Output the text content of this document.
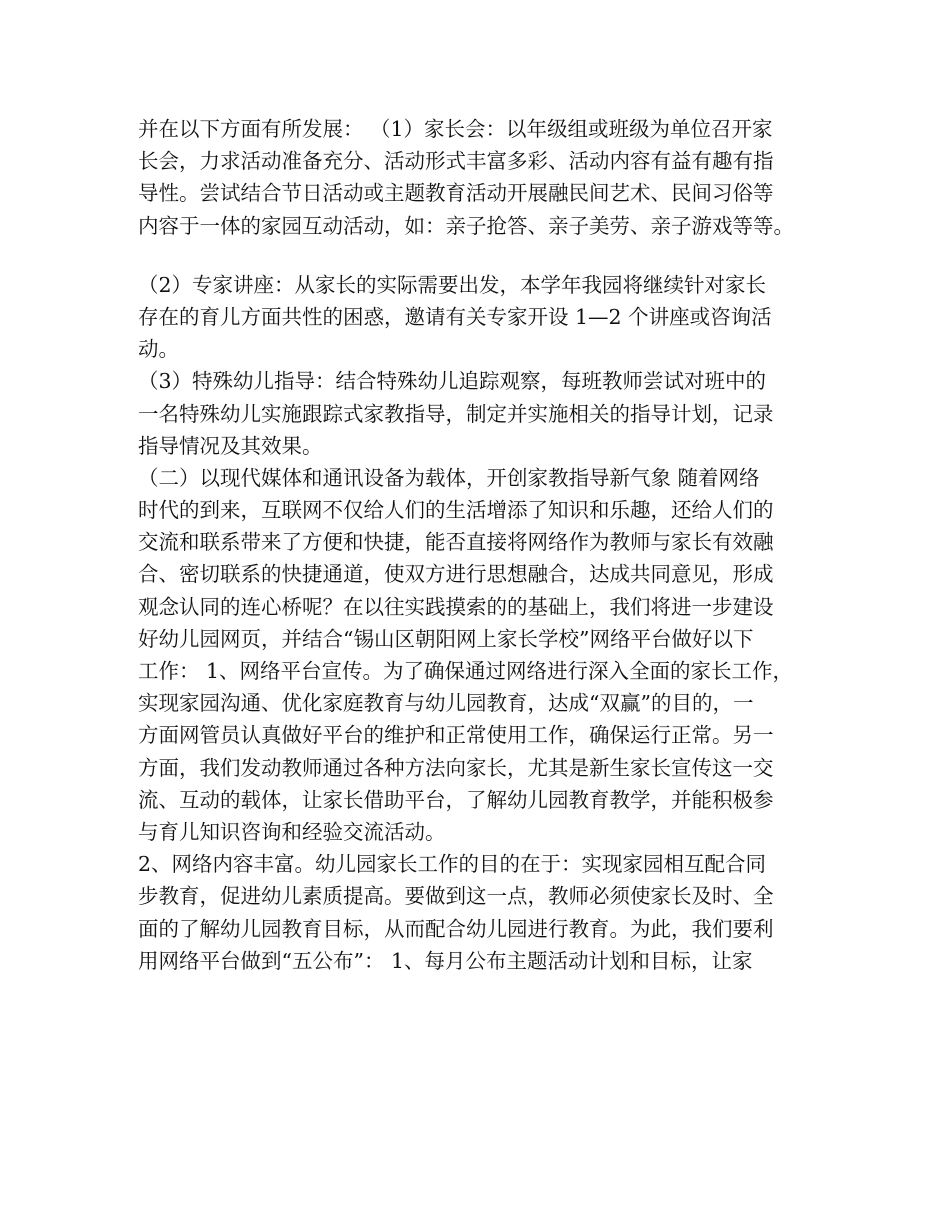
并在以下方面有所发展： （1）家长会：以年级组或班级为单位召开家
长会，力求活动准备充分、活动形式丰富多彩、活动内容有益有趣有指
导性。尝试结合节日活动或主题教育活动开展融民间艺术、民间习俗等
内容于一体的家园互动活动，如：亲子抢答、亲子美劳、亲子游戏等等。
（2）专家讲座：从家长的实际需要出发，本学年我园将继续针对家长
存在的育儿方面共性的困惑，邀请有关专家开设 1—2 个讲座或咨询活
动。
（3）特殊幼儿指导：结合特殊幼儿追踪观察，每班教师尝试对班中的
一名特殊幼儿实施跟踪式家教指导，制定并实施相关的指导计划，记录
指导情况及其效果。
（二）以现代媒体和通讯设备为载体，开创家教指导新气象 随着网络
时代的到来，互联网不仅给人们的生活增添了知识和乐趣，还给人们的
交流和联系带来了方便和快捷，能否直接将网络作为教师与家长有效融
合、密切联系的快捷通道，使双方进行思想融合，达成共同意见，形成
观念认同的连心桥呢？在以往实践摸索的的基础上，我们将进一步建设
好幼儿园网页，并结合“锡山区朝阳网上家长学校”网络平台做好以下
工作： 1、网络平台宣传。为了确保通过网络进行深入全面的家长工作，
实现家园沟通、优化家庭教育与幼儿园教育，达成“双赢”的目的，一
方面网管员认真做好平台的维护和正常使用工作，确保运行正常。另一
方面，我们发动教师通过各种方法向家长，尤其是新生家长宣传这一交
流、互动的载体，让家长借助平台，了解幼儿园教育教学，并能积极参
与育儿知识咨询和经验交流活动。
2、网络内容丰富。幼儿园家长工作的目的在于：实现家园相互配合同
步教育，促进幼儿素质提高。要做到这一点，教师必须使家长及时、全
面的了解幼儿园教育目标，从而配合幼儿园进行教育。为此，我们要利
用网络平台做到“五公布”： 1、每月公布主题活动计划和目标，让家
